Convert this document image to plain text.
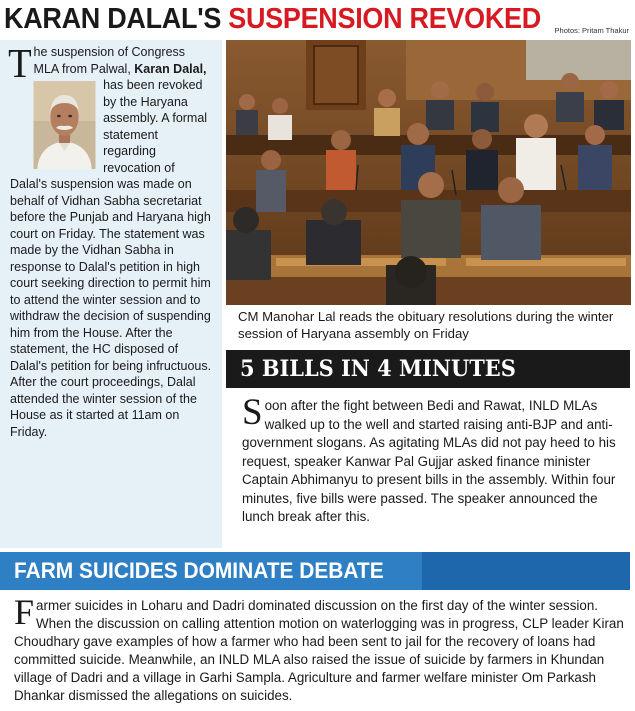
KARAN DALAL'S SUSPENSION REVOKED Photos: Pritam Thakur

The suspension of Congress MLA from Palwal, Karan Dalal,
has been revoked by the Haryana assembly. A formal statement regarding revocation of Dalal's suspension was made on behalf of Vidhan Sabha secretariat before the Punjab and Haryana high court on Friday. The statement was made by the Vidhan Sabha in response to Dalal's petition in high court seeking direction to permit him to attend the winter session and to withdraw the decision of suspending him from the House. After the statement, the HC disposed of Dalal's petition for being infructuous. After the court proceedings, Dalal attended the winter session of the House as it started at 11am on Friday.

CM Manohar Lal reads the obituary resolutions during the winter session of Haryana assembly on Friday
5 BILLS IN 4 MINUTES

Soon after the fight between Bedi and Rawat, INLD MLAs walked up to the well and started raising anti-BJP and anti-government slogans. As agitating MLAs did not pay heed to his request, speaker Kanwar Pal Gujjar asked finance minister Captain Abhimanyu to present bills in the assembly. Within four minutes, five bills were passed. The speaker announced the lunch break after this.

FARM SUICIDES DOMINATE DEBATE

Farmer suicides in Loharu and Dadri dominated discussion on the first day of the winter session. When the discussion on calling attention motion on waterlogging was in progress, CLP leader Kiran Choudhary gave examples of how a farmer who had been sent to jail for the recovery of loans had committed suicide. Meanwhile, an INLD MLA also raised the issue of suicide by farmers in Khundan village of Dadri and a village in Garhi Sampla. Agriculture and farmer welfare minister Om Parkash Dhankar dismissed the allegations on suicides.
